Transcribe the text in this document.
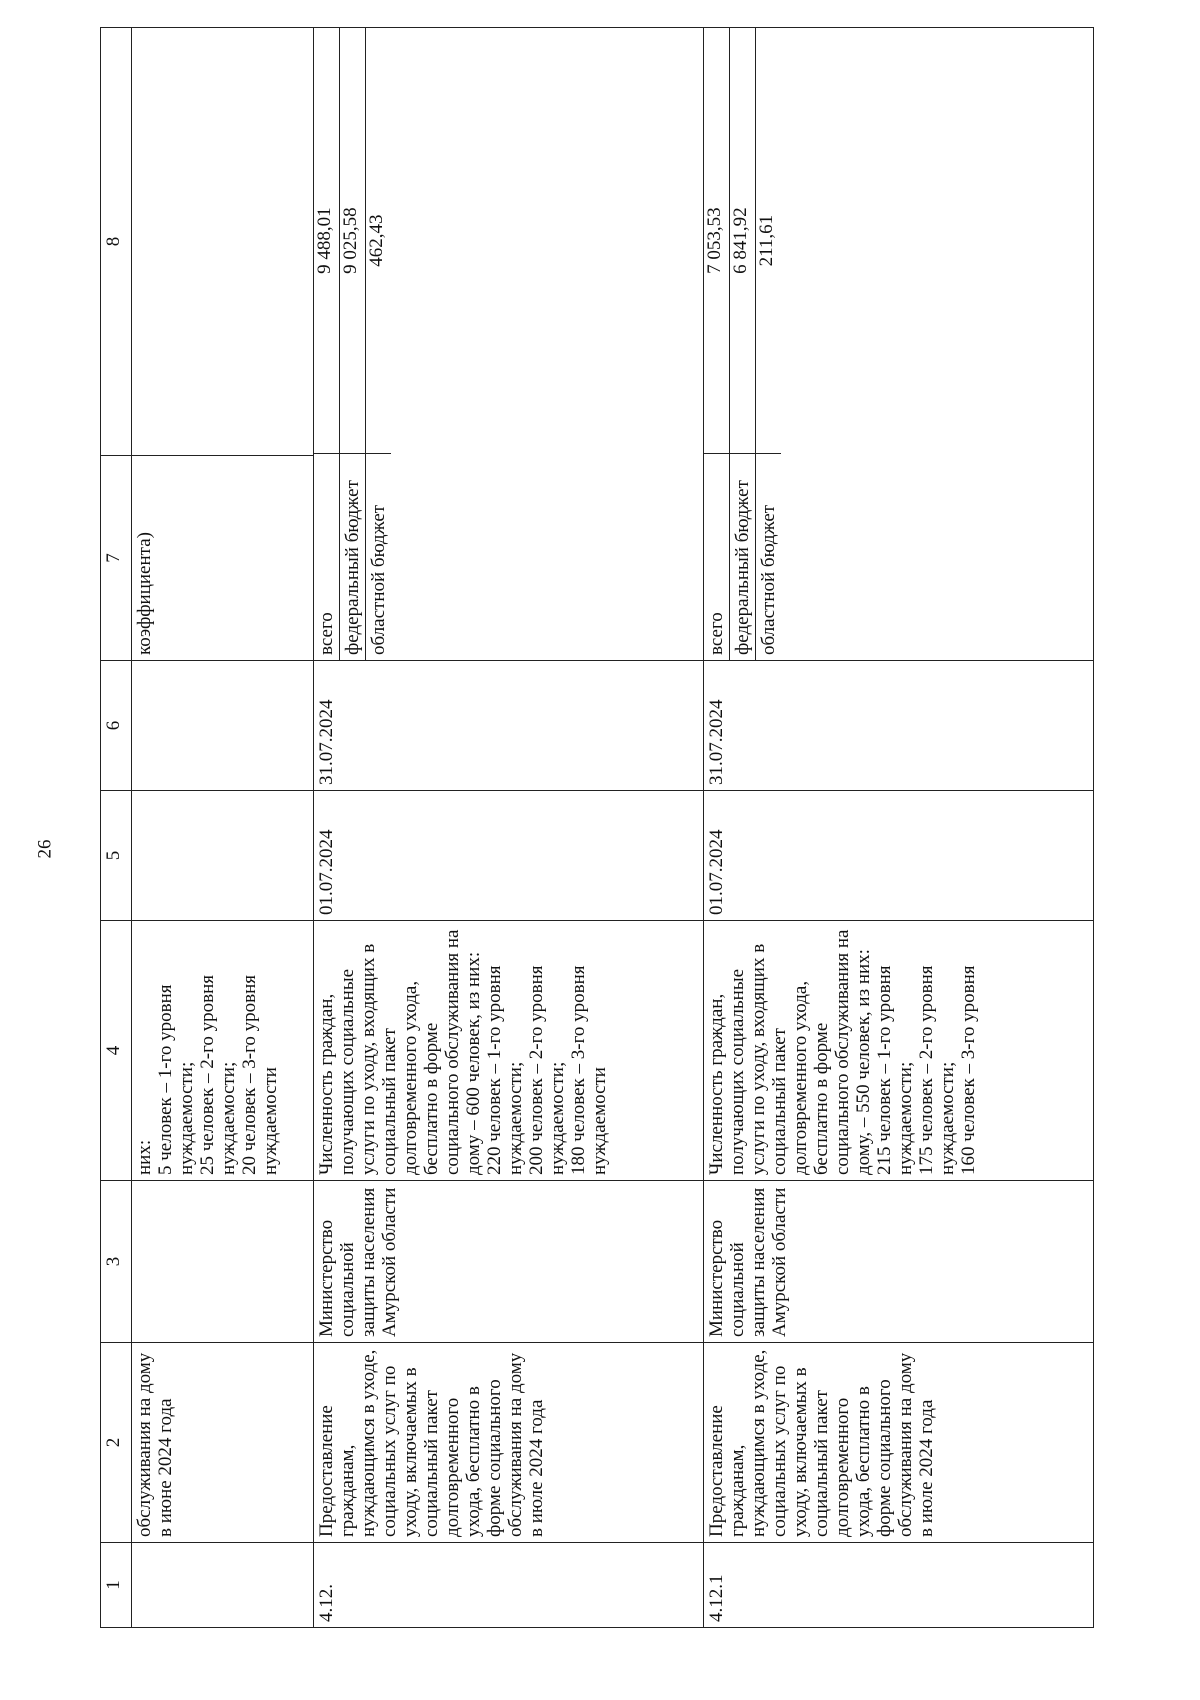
26
1	2	3	4	5	6	7	8
	обслуживания на дому в июне 2024 года		них:
5 человек – 1-го уровня нуждаемости;
25 человек – 2-го уровня нуждаемости;
20 человек – 3-го уровня нуждаемости			коэффициента)	
4.12.	Предоставление гражданам, нуждающимся в уходе, социальных услуг по уходу, включаемых в социальный пакет долговременного ухода, бесплатно в форме социального обслуживания на дому в июле 2024 года	Министерство социальной защиты населения Амурской области	Численность граждан, получающих социальные услуги по уходу, входящих в социальный пакет долговременного ухода, бесплатно в форме социального обслуживания на дому – 600 человек, из них:
220 человек – 1-го уровня нуждаемости;
200 человек – 2-го уровня нуждаемости;
180 человек – 3-го уровня нуждаемости	01.07.2024	31.07.2024	
всего	9 488,01
федеральный бюджет	9 025,58
областной бюджет	462,43

4.12.1	Предоставление гражданам, нуждающимся в уходе, социальных услуг по уходу, включаемых в социальный пакет долговременного ухода, бесплатно в форме социального обслуживания на дому в июле 2024 года	Министерство социальной защиты населения Амурской области	Численность граждан, получающих социальные услуги по уходу, входящих в социальный пакет долговременного ухода, бесплатно в форме социального обслуживания на дому, – 550 человек, из них:
215 человек – 1-го уровня нуждаемости;
175 человек – 2-го уровня нуждаемости;
160 человек – 3-го уровня	01.07.2024	31.07.2024	
всего	7 053,53
федеральный бюджет	6 841,92
областной бюджет	211,61
